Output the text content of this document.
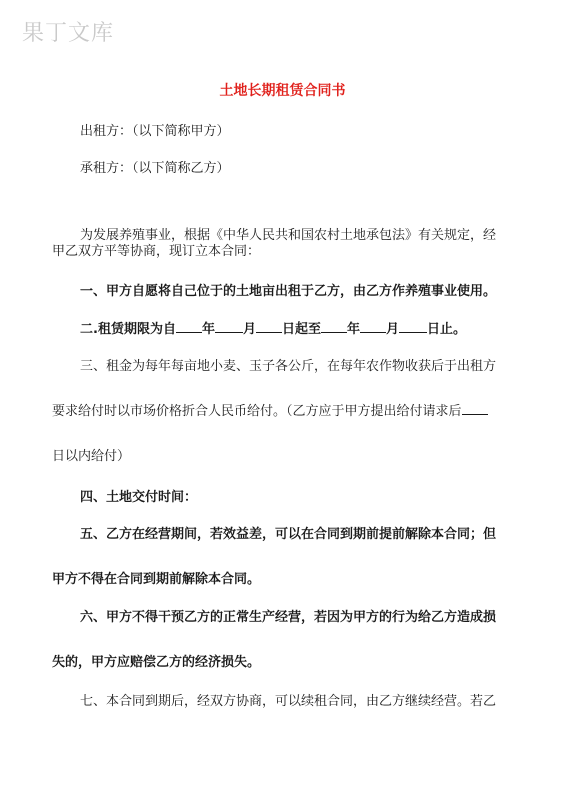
果丁文库
土地长期租赁合同书
出租方：（以下简称甲方）
承租方：（以下简称乙方）
为发展养殖事业，根据《中华人民共和国农村土地承包法》有关规定，经
甲乙双方平等协商，现订立本合同：
一、甲方自愿将自己位于的土地亩出租于乙方，由乙方作养殖事业使用。
二.租赁期限为自 年 月 日起至 年 月 日止。
三、租金为每年每亩地小麦、玉子各公斤，在每年农作物收获后于出租方
要求给付时以市场价格折合人民币给付。（乙方应于甲方提出给付请求后
日以内给付）
四、土地交付时间：
五、乙方在经营期间，若效益差，可以在合同到期前提前解除本合同；但
甲方不得在合同到期前解除本合同。
六、甲方不得干预乙方的正常生产经营，若因为甲方的行为给乙方造成损
失的，甲方应赔偿乙方的经济损失。
七、本合同到期后，经双方协商，可以续租合同，由乙方继续经营。若乙
